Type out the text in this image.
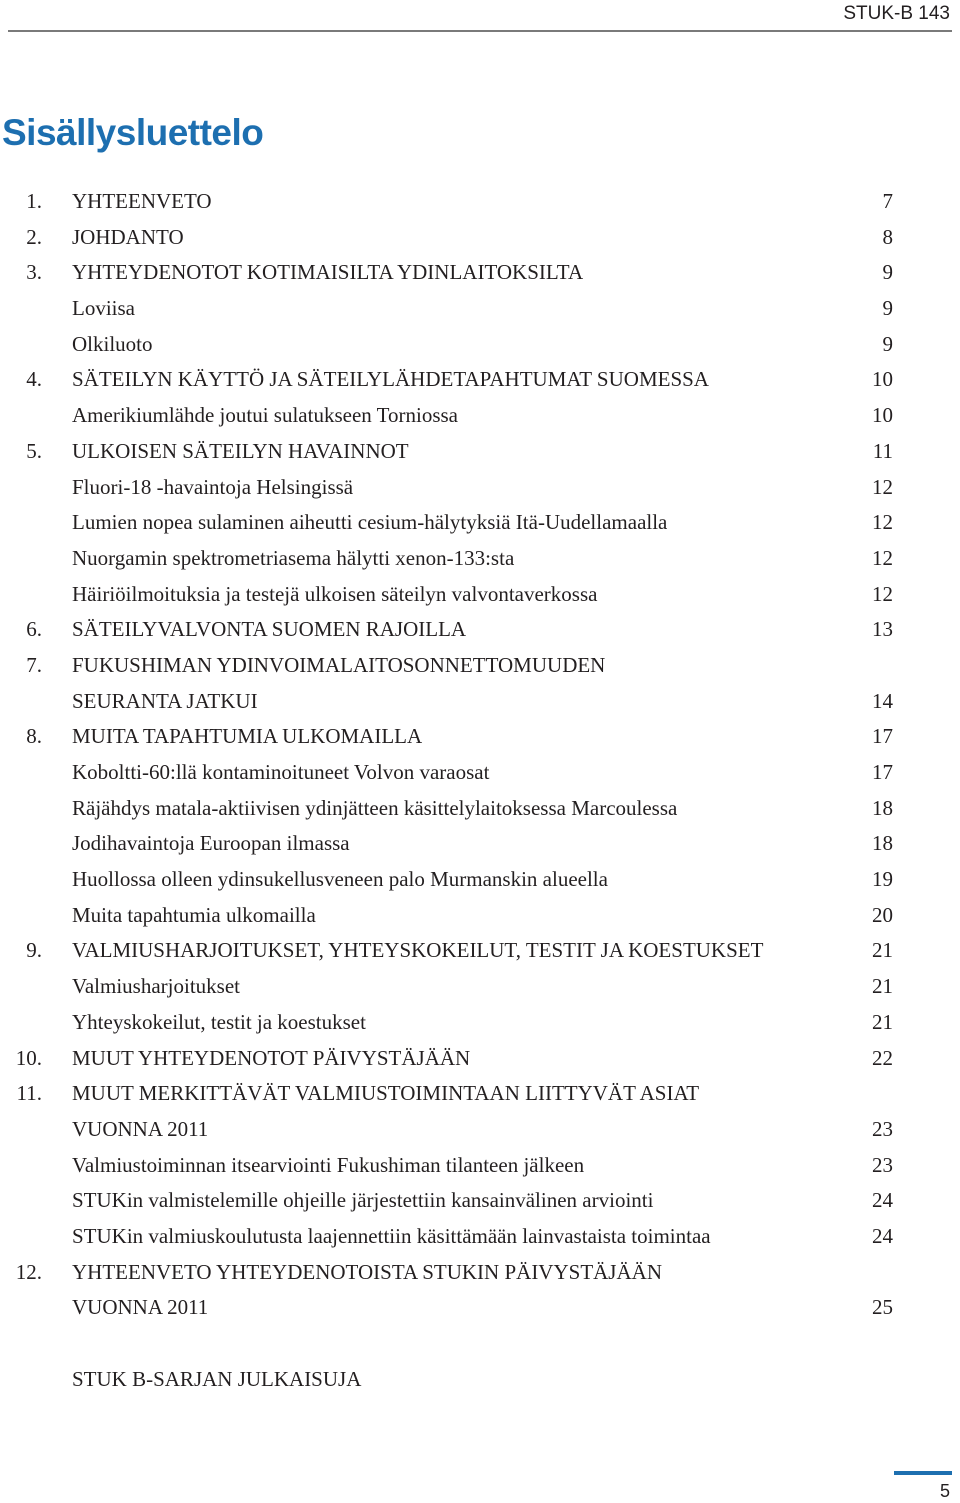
STUK-B 143
Sisällysluettelo
1. YHTEENVETO	7
2. JOHDANTO	8
3. YHTEYDENOTOT KOTIMAISILTA YDINLAITOKSILTA	9
Loviisa	9
Olkiluoto	9
4. SÄTEILYN KÄYTTÖ JA SÄTEILYLÄHDETAPAHTUMAT SUOMESSA	10
Amerikiumlähde joutui sulatukseen Torniossa	10
5. ULKOISEN SÄTEILYN HAVAINNOT	11
Fluori-18 -havaintoja Helsingissä	12
Lumien nopea sulaminen aiheutti cesium-hälytyksiä Itä-Uudellamaalla	12
Nuorgamin spektrometriasema hälytti xenon-133:sta	12
Häiriöilmoituksia ja testejä ulkoisen säteilyn valvontaverkossa	12
6. SÄTEILYVALVONTA SUOMEN RAJOILLA	13
7. FUKUSHIMAN YDINVOIMALAITOSONNETTOMUUDEN
SEURANTA JATKUI	14
8. MUITA TAPAHTUMIA ULKOMAILLA	17
Koboltti-60:llä kontaminoituneet Volvon varaosat	17
Räjähdys matala-aktiivisen ydinjätteen käsittelylaitoksessa Marcoulessa	18
Jodihavaintoja Euroopan ilmassa	18
Huollossa olleen ydinsukellusveneen palo Murmanskin alueella	19
Muita tapahtumia ulkomailla	20
9. VALMIUSHARJOITUKSET, YHTEYSKOKEILUT, TESTIT JA KOESTUKSET	21
Valmiusharjoitukset	21
Yhteyskokeilut, testit ja koestukset	21
10. MUUT YHTEYDENOTOT PÄIVYSTÄJÄÄN	22
11. MUUT MERKITTÄVÄT VALMIUSTOIMINTAAN LIITTYVÄT ASIAT
VUONNA 2011	23
Valmiustoiminnan itsearviointi Fukushiman tilanteen jälkeen	23
STUKin valmistelemille ohjeille järjestettiin kansainvälinen arviointi	24
STUKin valmiuskoulutusta laajennettiin käsittämään lainvastaista toimintaa	24
12. YHTEENVETO YHTEYDENOTOISTA STUKIN PÄIVYSTÄJÄÄN
VUONNA 2011	25
STUK B-SARJAN JULKAISUJA
5
